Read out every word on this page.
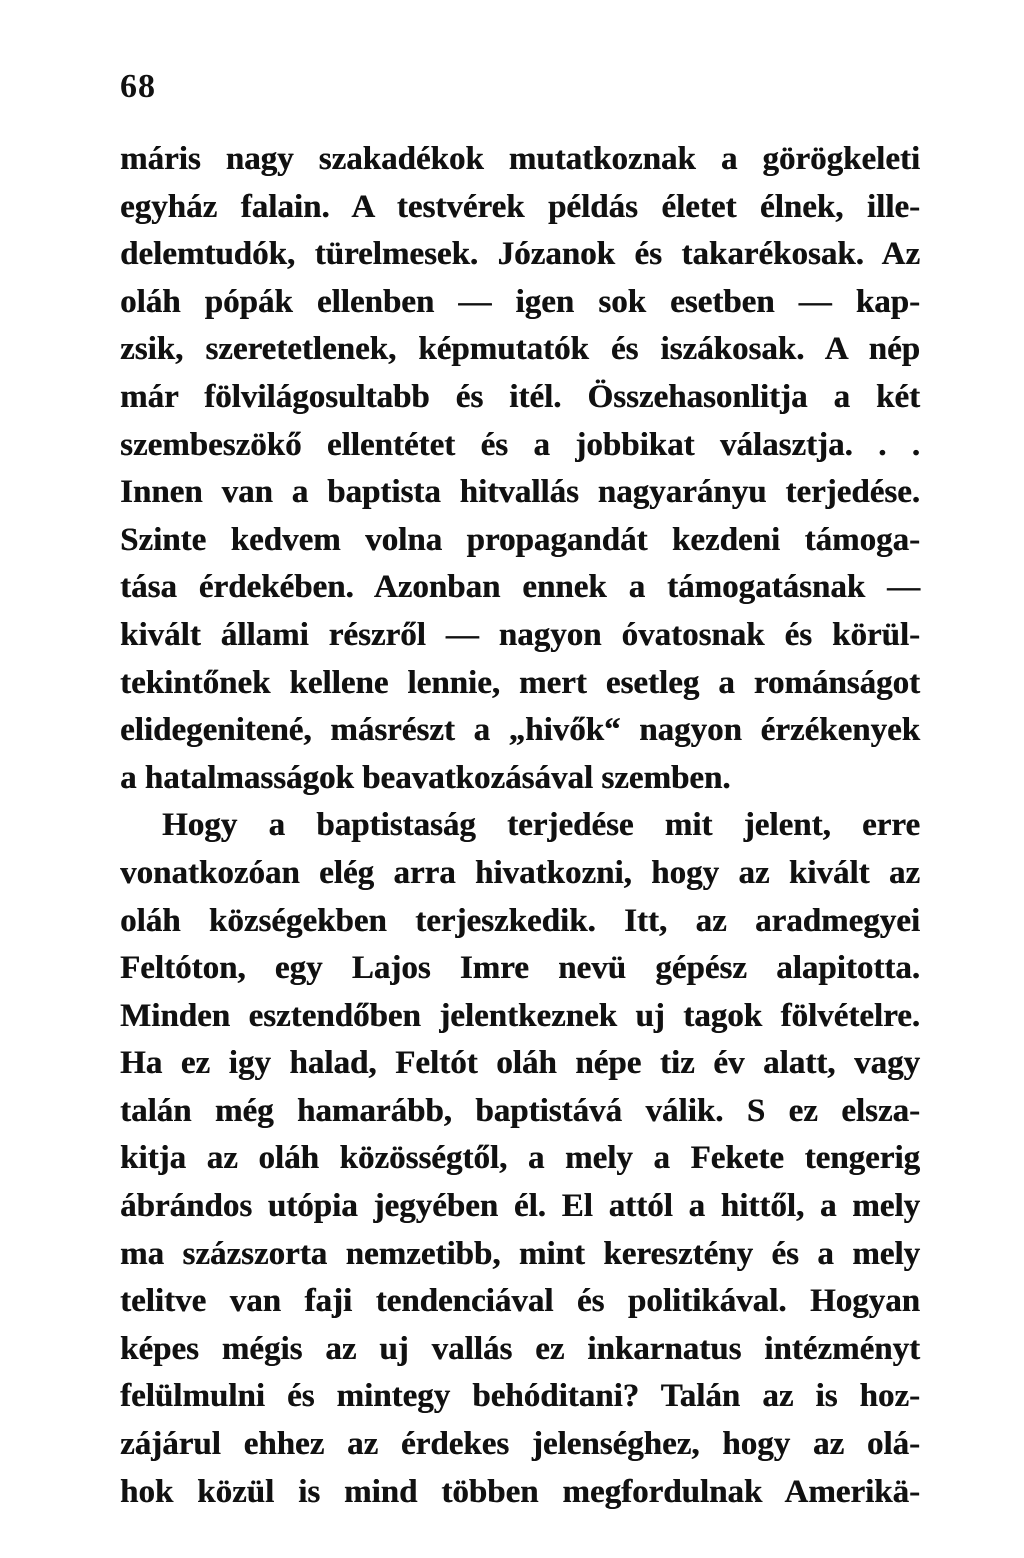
68
máris nagy szakadékok mutatkoznak a görögkeleti
egyház falain. A testvérek példás életet élnek, ille-
delemtudók, türelmesek. Józanok és takarékosak. Az
oláh pópák ellenben — igen sok esetben — kap-
zsik, szeretetlenek, képmutatók és iszákosak. A nép
már fölvilágosultabb és itél. Összehasonlitja a két
szembeszökő ellentétet és a jobbikat választja. . .
Innen van a baptista hitvallás nagyarányu terjedése.
Szinte kedvem volna propagandát kezdeni támoga-
tása érdekében. Azonban ennek a támogatásnak —
kivált állami részről — nagyon óvatosnak és körül-
tekintőnek kellene lennie, mert esetleg a románságot
elidegenitené, másrészt a „hivők“ nagyon érzékenyek
a hatalmasságok beavatkozásával szemben.
Hogy a baptistaság terjedése mit jelent, erre
vonatkozóan elég arra hivatkozni, hogy az kivált az
oláh községekben terjeszkedik. Itt, az aradmegyei
Feltóton, egy Lajos Imre nevü gépész alapitotta.
Minden esztendőben jelentkeznek uj tagok fölvételre.
Ha ez igy halad, Feltót oláh népe tiz év alatt, vagy
talán még hamarább, baptistává válik. S ez elsza-
kitja az oláh közösségtől, a mely a Fekete tengerig
ábrándos utópia jegyében él. El attól a hittől, a mely
ma százszorta nemzetibb, mint keresztény és a mely
telitve van faji tendenciával és politikával. Hogyan
képes mégis az uj vallás ez inkarnatus intézményt
felülmulni és mintegy behóditani? Talán az is hoz-
zájárul ehhez az érdekes jelenséghez, hogy az olá-
hok közül is mind többen megfordulnak Amerikä-
